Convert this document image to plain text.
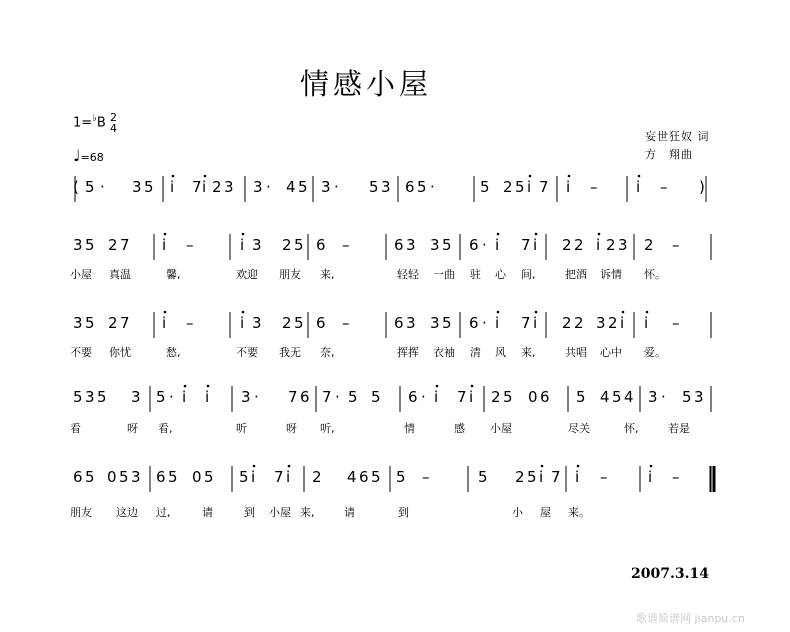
情感小屋
1=♭B 2
4
♩=68
妄世狂奴 词
方　翔曲
( 5 · 3 5 i 7 i 2 3 3 · 4 5 3 · 5 3 6 5 ·	5 2 5 i 7 i –	i – )
3 5 2 7 i –	i 3 2 5 6 –	6 3 3 5 6 · i 7 i 2 2 i 2 3 2 –
小屋 真温	馨,	欢迎 朋友 来,	轻轻 一曲 驻 心 间,	把酒 诉情 怀。
3 5 2 7 i –	i 3 2 5 6 –	6 3 3 5 6 · i 7 i 2 2 3 2 i i –
不要 你忧	愁,	不要 我无 奈,	挥挥 衣袖 清 风 来,	共唱 心中 爱。
5 3 5 3 5 · i i 3 · 7 6 7 · 5 5 6 · i 7 i 2 5 0 6 5 4 5 4 3 · 5 3
看	呀 看,	听	呀 听,	情	感 小屋	尽关	怀,	若是
6 5 0 5 3 6 5 0 5 5 i 7 i 2 4 6 5 5 –	5 2 5 i 7 i –	i –
朋友 这边 过,	请	到 小屋 来,	请	到	小 屋 来。
2007.3.14
歌谱简谱网 jianpu.cn
